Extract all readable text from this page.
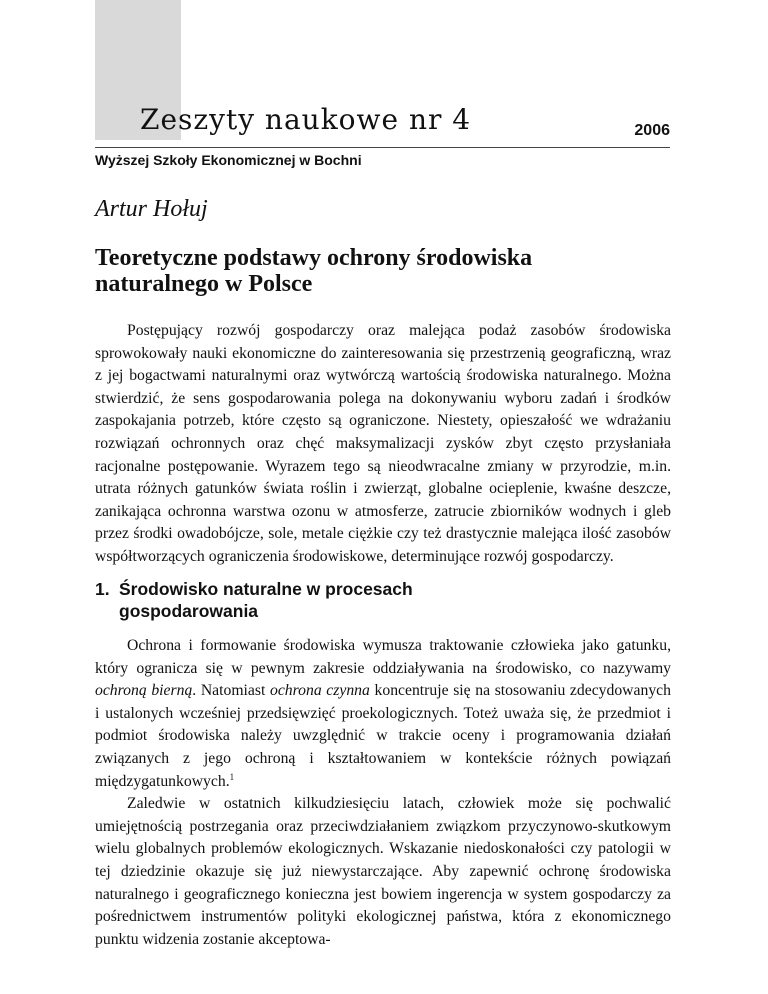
Zeszyty naukowe nr 4	2006
Wyższej Szkoły Ekonomicznej w Bochni
Artur Hołuj
Teoretyczne podstawy ochrony środowiska naturalnego w Polsce

Postępujący rozwój gospodarczy oraz malejąca podaż zasobów środowiska sprowokowały nauki ekonomiczne do zainteresowania się przestrzenią geograficzną, wraz z jej bogactwami naturalnymi oraz wytwórczą wartością środowiska naturalnego. Można stwierdzić, że sens gospodarowania polega na dokonywaniu wyboru zadań i środków zaspokajania potrzeb, które często są ograniczone. Niestety, opieszałość we wdrażaniu rozwiązań ochronnych oraz chęć maksymalizacji zysków zbyt często przysłaniała racjonalne postępowanie. Wyrazem tego są nieodwracalne zmiany w przyrodzie, m.in. utrata różnych gatunków świata roślin i zwierząt, globalne ocieplenie, kwaśne deszcze, zanikająca ochronna warstwa ozonu w atmosferze, zatrucie zbiorników wodnych i gleb przez środki owadobójcze, sole, metale ciężkie czy też drastycznie malejąca ilość zasobów współtworzących ograniczenia środowiskowe, determinujące rozwój gospodarczy.

1. Środowisko naturalne w procesach
gospodarowania

Ochrona i formowanie środowiska wymusza traktowanie człowieka jako gatunku, który ogranicza się w pewnym zakresie oddziaływania na środowisko, co nazywamy ochroną bierną. Natomiast ochrona czynna koncentruje się na stosowaniu zdecydowanych i ustalonych wcześniej przedsięwzięć proekologicznych. Toteż uważa się, że przedmiot i podmiot środowiska należy uwzględnić w trakcie oceny i programowania działań związanych z jego ochroną i kształtowaniem w kontekście różnych powiązań międzygatunkowych.$^1$

Zaledwie w ostatnich kilkudziesięciu latach, człowiek może się pochwalić umiejętnością postrzegania oraz przeciwdziałaniem związkom przyczynowo-skutkowym wielu globalnych problemów ekologicznych. Wskazanie niedoskonałości czy patologii w tej dziedzinie okazuje się już niewystarczające. Aby zapewnić ochronę środowiska naturalnego i geograficznego konieczna jest bowiem ingerencja w system gospodarczy za pośrednictwem instrumentów polityki ekologicznej państwa, która z ekonomicznego punktu widzenia zostanie akceptowa-
